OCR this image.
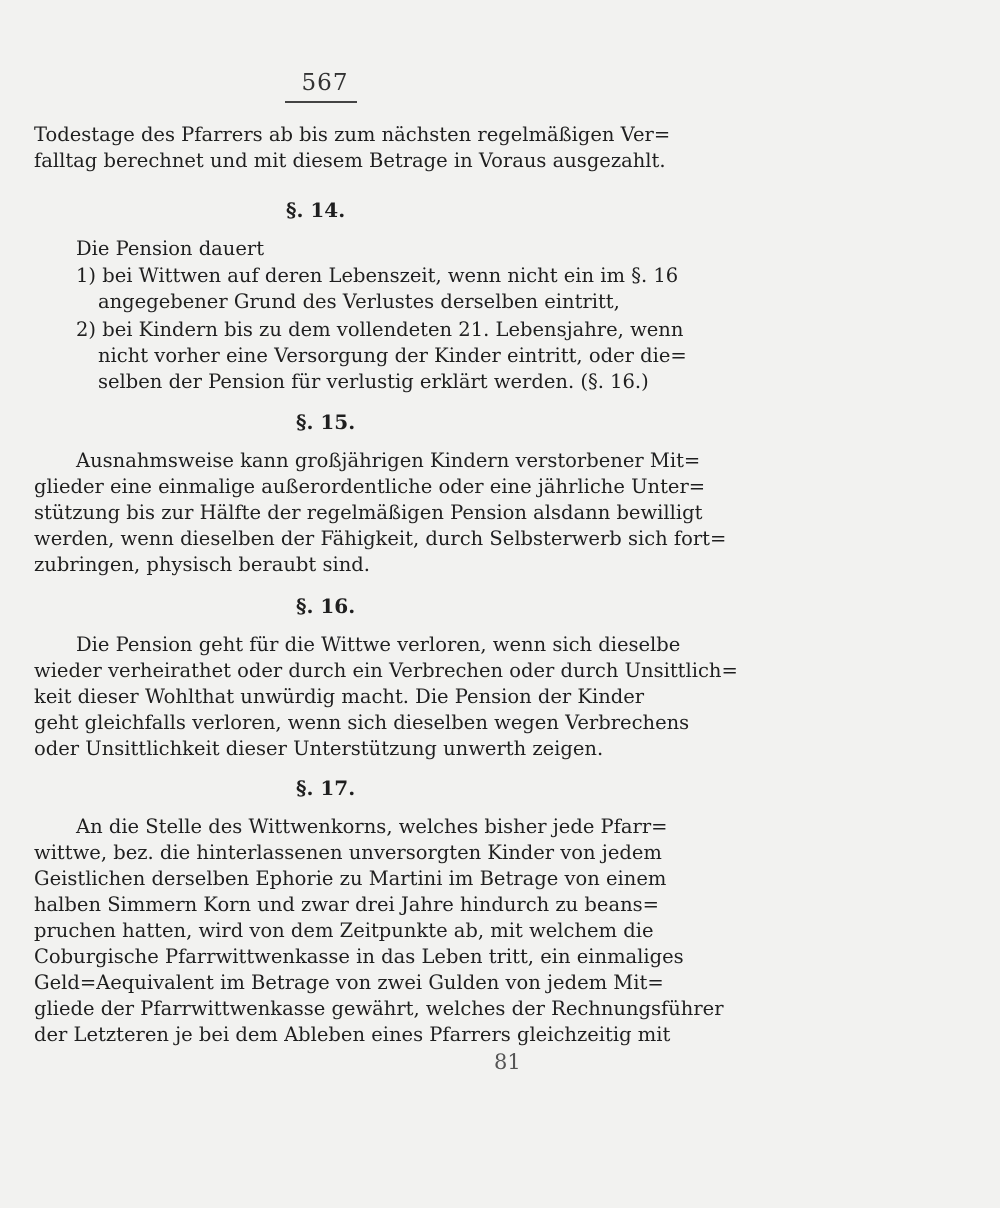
567
Todestage des Pfarrers ab bis zum nächsten regelmäßigen Ver=
falltag berechnet und mit diesem Betrage in Voraus ausgezahlt.
§. 14.
Die Pension dauert
1) bei Wittwen auf deren Lebenszeit, wenn nicht ein im §. 16
angegebener Grund des Verlustes derselben eintritt,
2) bei Kindern bis zu dem vollendeten 21. Lebensjahre, wenn
nicht vorher eine Versorgung der Kinder eintritt, oder die=
selben der Pension für verlustig erklärt werden. (§. 16.)
§. 15.
Ausnahmsweise kann großjährigen Kindern verstorbener Mit=
glieder eine einmalige außerordentliche oder eine jährliche Unter=
stützung bis zur Hälfte der regelmäßigen Pension alsdann bewilligt
werden, wenn dieselben der Fähigkeit, durch Selbsterwerb sich fort=
zubringen, physisch beraubt sind.
§. 16.
Die Pension geht für die Wittwe verloren, wenn sich dieselbe
wieder verheirathet oder durch ein Verbrechen oder durch Unsittlich=
keit dieser Wohlthat unwürdig macht. Die Pension der Kinder
geht gleichfalls verloren, wenn sich dieselben wegen Verbrechens
oder Unsittlichkeit dieser Unterstützung unwerth zeigen.
§. 17.
An die Stelle des Wittwenkorns, welches bisher jede Pfarr=
wittwe, bez. die hinterlassenen unversorgten Kinder von jedem
Geistlichen derselben Ephorie zu Martini im Betrage von einem
halben Simmern Korn und zwar drei Jahre hindurch zu beans=
pruchen hatten, wird von dem Zeitpunkte ab, mit welchem die
Coburgische Pfarrwittwenkasse in das Leben tritt, ein einmaliges
Geld=Aequivalent im Betrage von zwei Gulden von jedem Mit=
gliede der Pfarrwittwenkasse gewährt, welches der Rechnungsführer
der Letzteren je bei dem Ableben eines Pfarrers gleichzeitig mit
81
